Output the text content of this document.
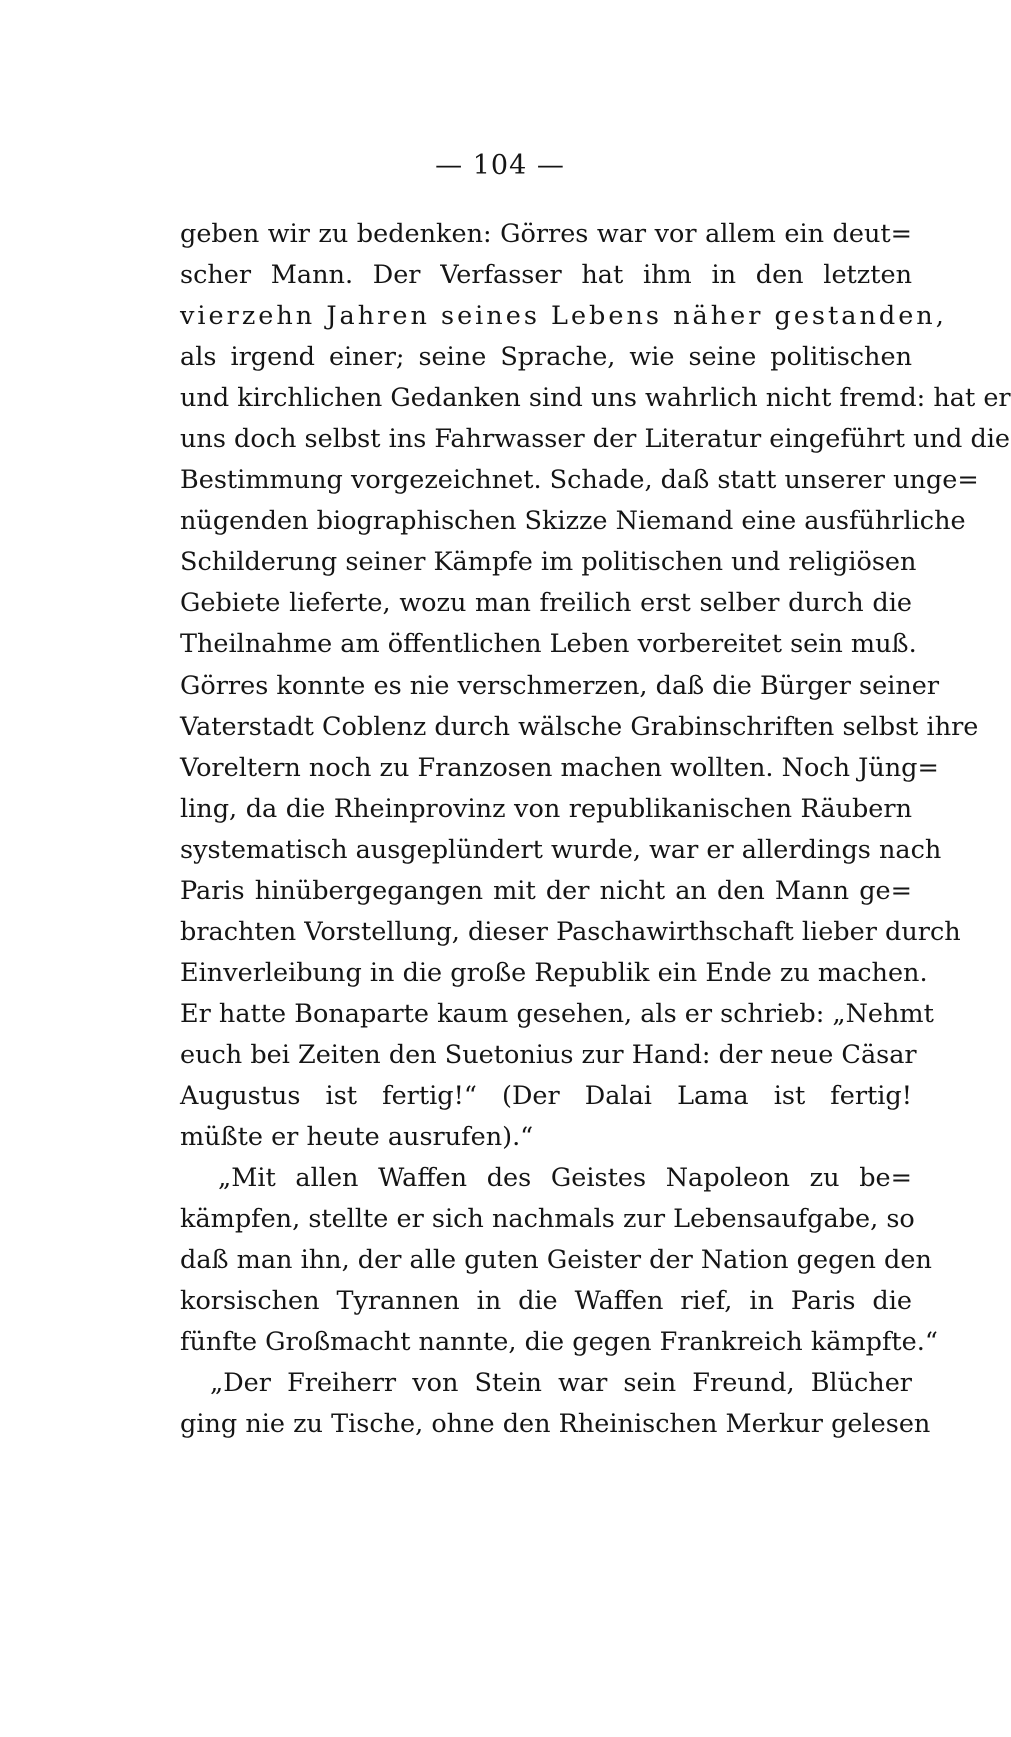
— 104 —
geben wir zu bedenken: Görres war vor allem ein deut=
scher Mann. Der Verfasser hat ihm in den letzten
vierzehn Jahren seines Lebens näher gestanden,
als irgend einer; seine Sprache, wie seine politischen
und kirchlichen Gedanken sind uns wahrlich nicht fremd: hat er
uns doch selbst ins Fahrwasser der Literatur eingeführt und die
Bestimmung vorgezeichnet. Schade, daß statt unserer unge=
nügenden biographischen Skizze Niemand eine ausführliche
Schilderung seiner Kämpfe im politischen und religiösen
Gebiete lieferte, wozu man freilich erst selber durch die
Theilnahme am öffentlichen Leben vorbereitet sein muß.
Görres konnte es nie verschmerzen, daß die Bürger seiner
Vaterstadt Coblenz durch wälsche Grabinschriften selbst ihre
Voreltern noch zu Franzosen machen wollten. Noch Jüng=
ling, da die Rheinprovinz von republikanischen Räubern
systematisch ausgeplündert wurde, war er allerdings nach
Paris hinübergegangen mit der nicht an den Mann ge=
brachten Vorstellung, dieser Paschawirthschaft lieber durch
Einverleibung in die große Republik ein Ende zu machen.
Er hatte Bonaparte kaum gesehen, als er schrieb: „Nehmt
euch bei Zeiten den Suetonius zur Hand: der neue Cäsar
Augustus ist fertig!“ (Der Dalai Lama ist fertig!
müßte er heute ausrufen).“
„Mit allen Waffen des Geistes Napoleon zu be=
kämpfen, stellte er sich nachmals zur Lebensaufgabe, so
daß man ihn, der alle guten Geister der Nation gegen den
korsischen Tyrannen in die Waffen rief, in Paris die
fünfte Großmacht nannte, die gegen Frankreich kämpfte.“
„Der Freiherr von Stein war sein Freund, Blücher
ging nie zu Tische, ohne den Rheinischen Merkur gelesen
